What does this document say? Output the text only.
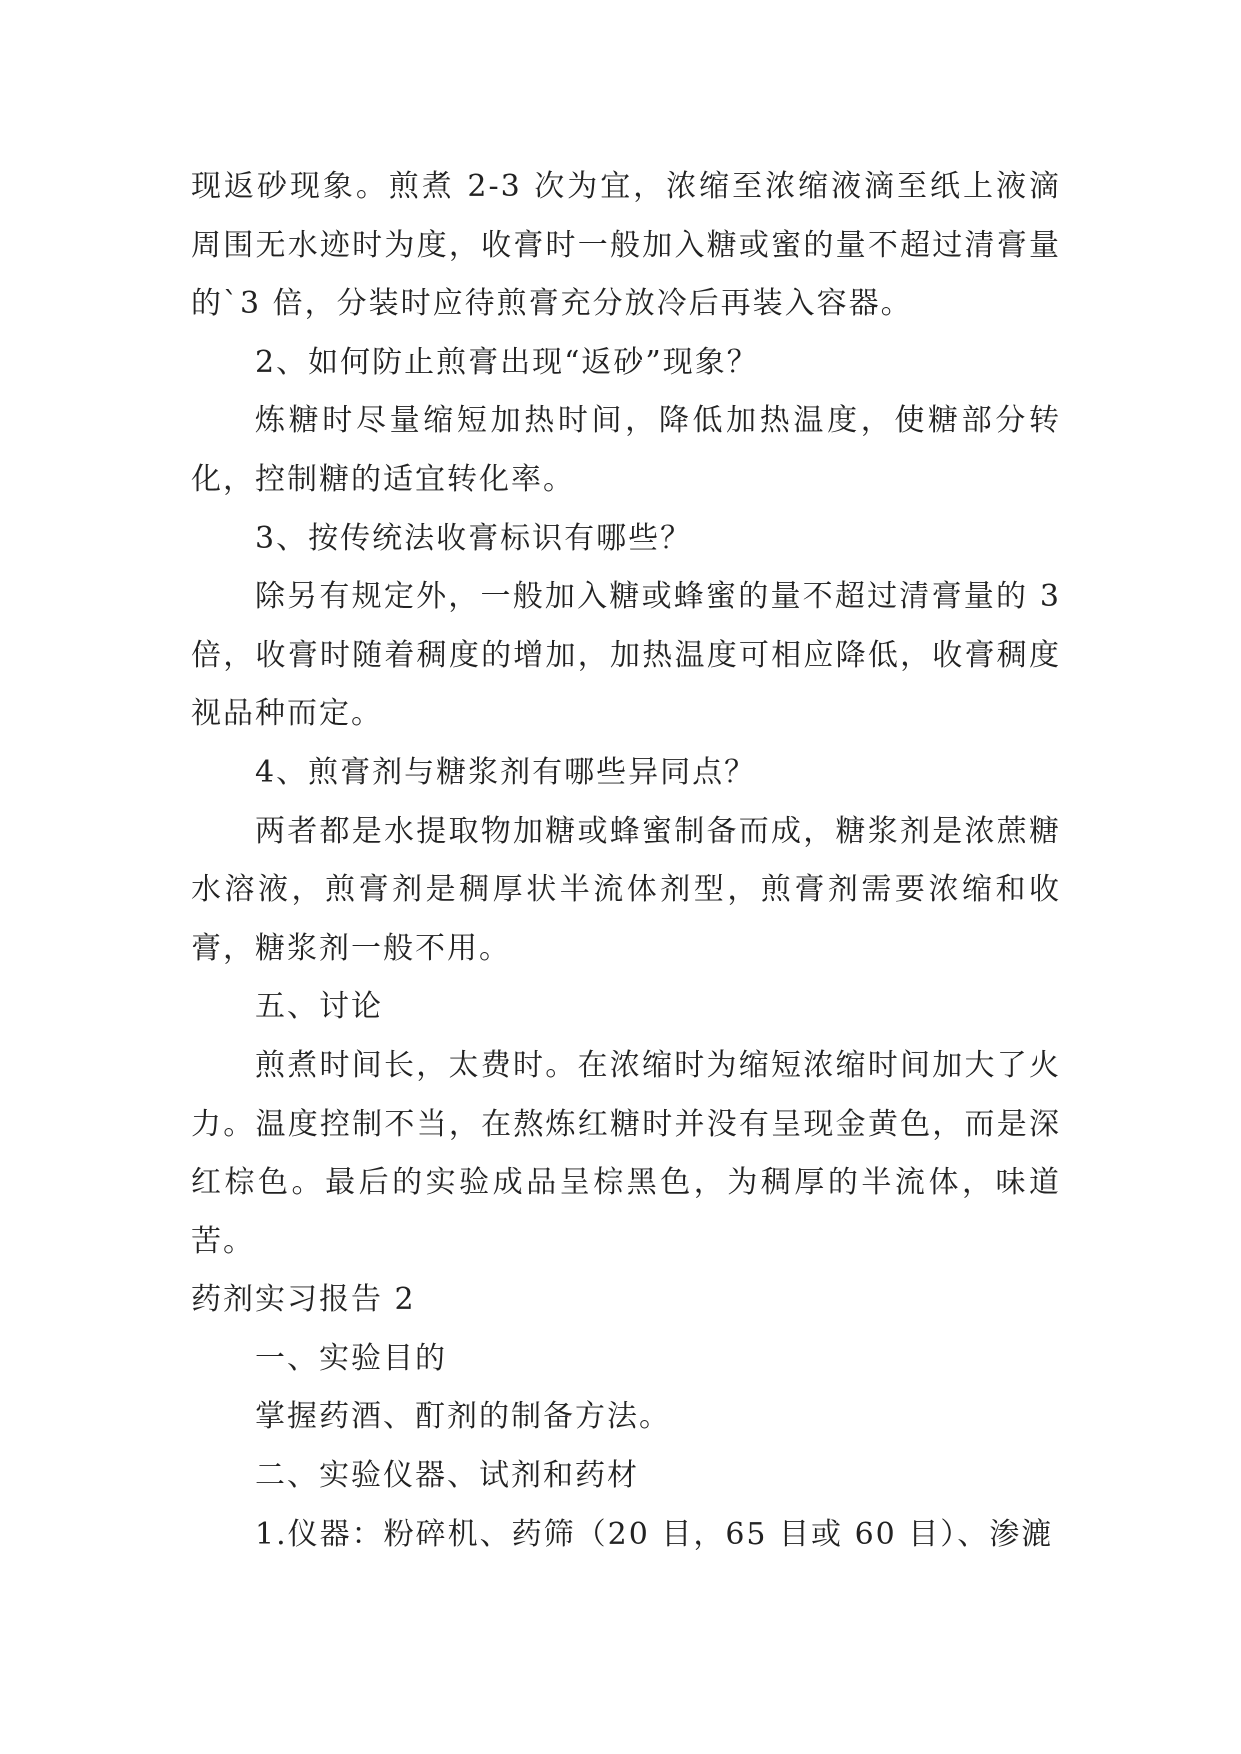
现返砂现象。煎煮 2-3 次为宜，浓缩至浓缩液滴至纸上液滴周围无水迹时为度，收膏时一般加入糖或蜜的量不超过清膏量的`3 倍，分装时应待煎膏充分放冷后再装入容器。

2、如何防止煎膏出现“返砂”现象？

炼糖时尽量缩短加热时间，降低加热温度，使糖部分转化，控制糖的适宜转化率。

3、按传统法收膏标识有哪些？

除另有规定外，一般加入糖或蜂蜜的量不超过清膏量的 3 倍，收膏时随着稠度的增加，加热温度可相应降低，收膏稠度视品种而定。

4、煎膏剂与糖浆剂有哪些异同点？

两者都是水提取物加糖或蜂蜜制备而成，糖浆剂是浓蔗糖水溶液，煎膏剂是稠厚状半流体剂型，煎膏剂需要浓缩和收膏，糖浆剂一般不用。

五、讨论

煎煮时间长，太费时。在浓缩时为缩短浓缩时间加大了火力。温度控制不当，在熬炼红糖时并没有呈现金黄色，而是深红棕色。最后的实验成品呈棕黑色，为稠厚的半流体，味道苦。

药剂实习报告 2

一、实验目的

掌握药酒、酊剂的制备方法。

二、实验仪器、试剂和药材

1.仪器：粉碎机、药筛（20 目，65 目或 60 目）、渗漉
